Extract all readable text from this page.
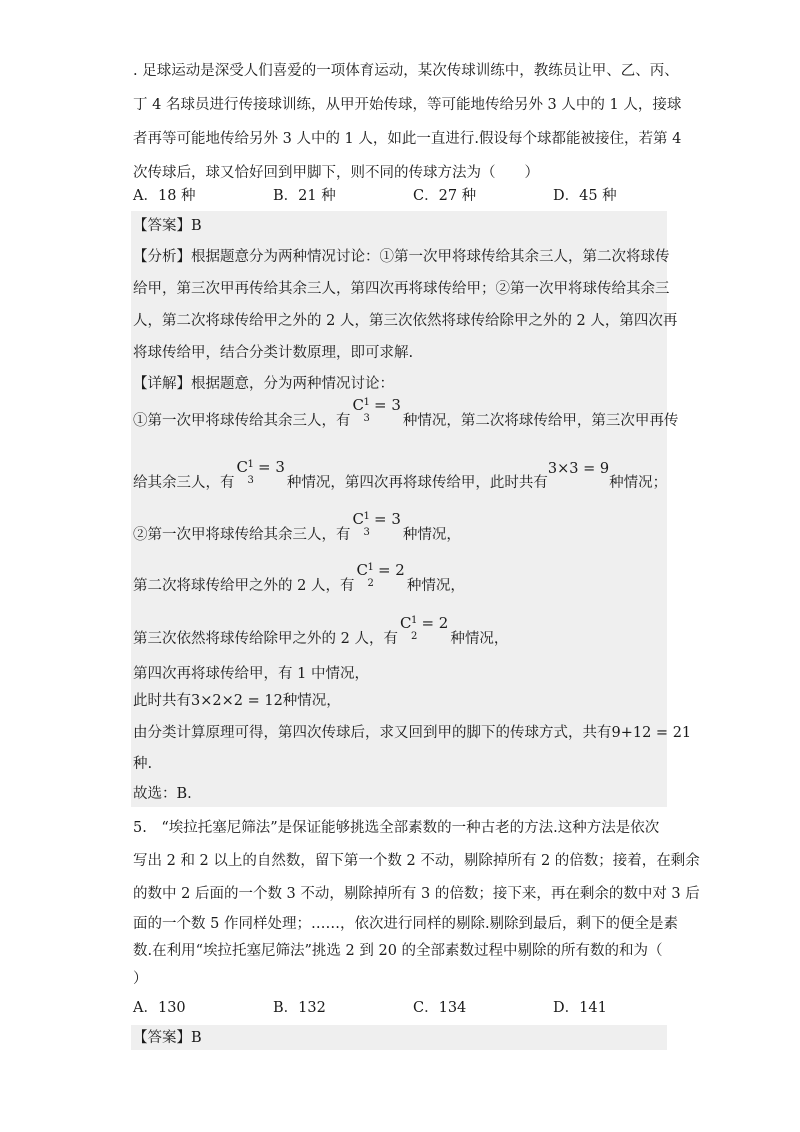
. 足球运动是深受人们喜爱的一项体育运动，某次传球训练中，教练员让甲、乙、丙、
丁 4 名球员进行传接球训练，从甲开始传球，等可能地传给另外 3 人中的 1 人，接球
者再等可能地传给另外 3 人中的 1 人，如此一直进行.假设每个球都能被接住，若第 4
次传球后，球又恰好回到甲脚下，则不同的传球方法为（　　）
A．18 种	B．21 种	C．27 种	D．45 种
【答案】B
【分析】根据题意分为两种情况讨论：①第一次甲将球传给其余三人，第二次将球传
给甲，第三次甲再传给其余三人，第四次再将球传给甲；②第一次甲将球传给其余三
人，第二次将球传给甲之外的 2 人，第三次依然将球传给除甲之外的 2 人，第四次再
将球传给甲，结合分类计数原理，即可求解.
【详解】根据题意，分为两种情况讨论：
①第一次甲将球传给其余三人，有C 1
3
= 3种情况，第二次将球传给甲，第三次甲再传
给其余三人，有C 1
3
= 3种情况，第四次再将球传给甲，此时共有3×3 = 9种情况；
②第一次甲将球传给其余三人，有C 1
3
= 3种情况，
第二次将球传给甲之外的 2 人，有C 1
2
= 2种情况，
第三次依然将球传给除甲之外的 2 人，有C 1
2
= 2种情况，
第四次再将球传给甲，有 1 中情况，
此时共有3×2×2 = 12种情况，
由分类计算原理可得，第四次传球后，求又回到甲的脚下的传球方式，共有9+12 = 21
种.
故选：B.
5.　“埃拉托塞尼筛法”是保证能够挑选全部素数的一种古老的方法.这种方法是依次
写出 2 和 2 以上的自然数，留下第一个数 2 不动，剔除掉所有 2 的倍数；接着，在剩余
的数中 2 后面的一个数 3 不动，剔除掉所有 3 的倍数；接下来，再在剩余的数中对 3 后
面的一个数 5 作同样处理；……，依次进行同样的剔除.剔除到最后，剩下的便全是素
数.在利用“埃拉托塞尼筛法”挑选 2 到 20 的全部素数过程中剔除的所有数的和为（
）
A．130	B．132	C．134	D．141
【答案】B
